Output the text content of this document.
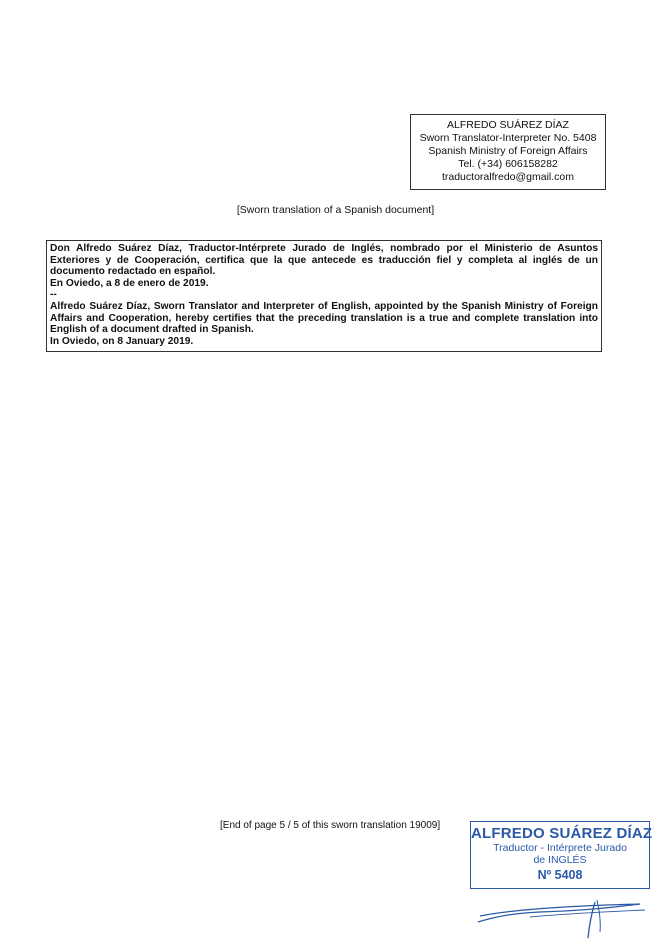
ALFREDO SUÁREZ DÍAZ
Sworn Translator-Interpreter No. 5408
Spanish Ministry of Foreign Affairs
Tel. (+34) 606158282
traductoralfredo@gmail.com
[Sworn translation of a Spanish document]

Don Alfredo Suárez Díaz, Traductor-Intérprete Jurado de Inglés, nombrado por el Ministerio de Asuntos Exteriores y de Cooperación, certifica que la que antecede es traducción fiel y completa al inglés de un documento redactado en español.

En Oviedo, a 8 de enero de 2019.

--

Alfredo Suárez Díaz, Sworn Translator and Interpreter of English, appointed by the Spanish Ministry of Foreign Affairs and Cooperation, hereby certifies that the preceding translation is a true and complete translation into English of a document drafted in Spanish.

In Oviedo, on 8 January 2019.

[End of page 5 / 5 of this sworn translation 19009] ALFREDO SUÁREZ DÍAZ
Traductor - Intérprete Jurado
de INGLÉS
Nº 5408
